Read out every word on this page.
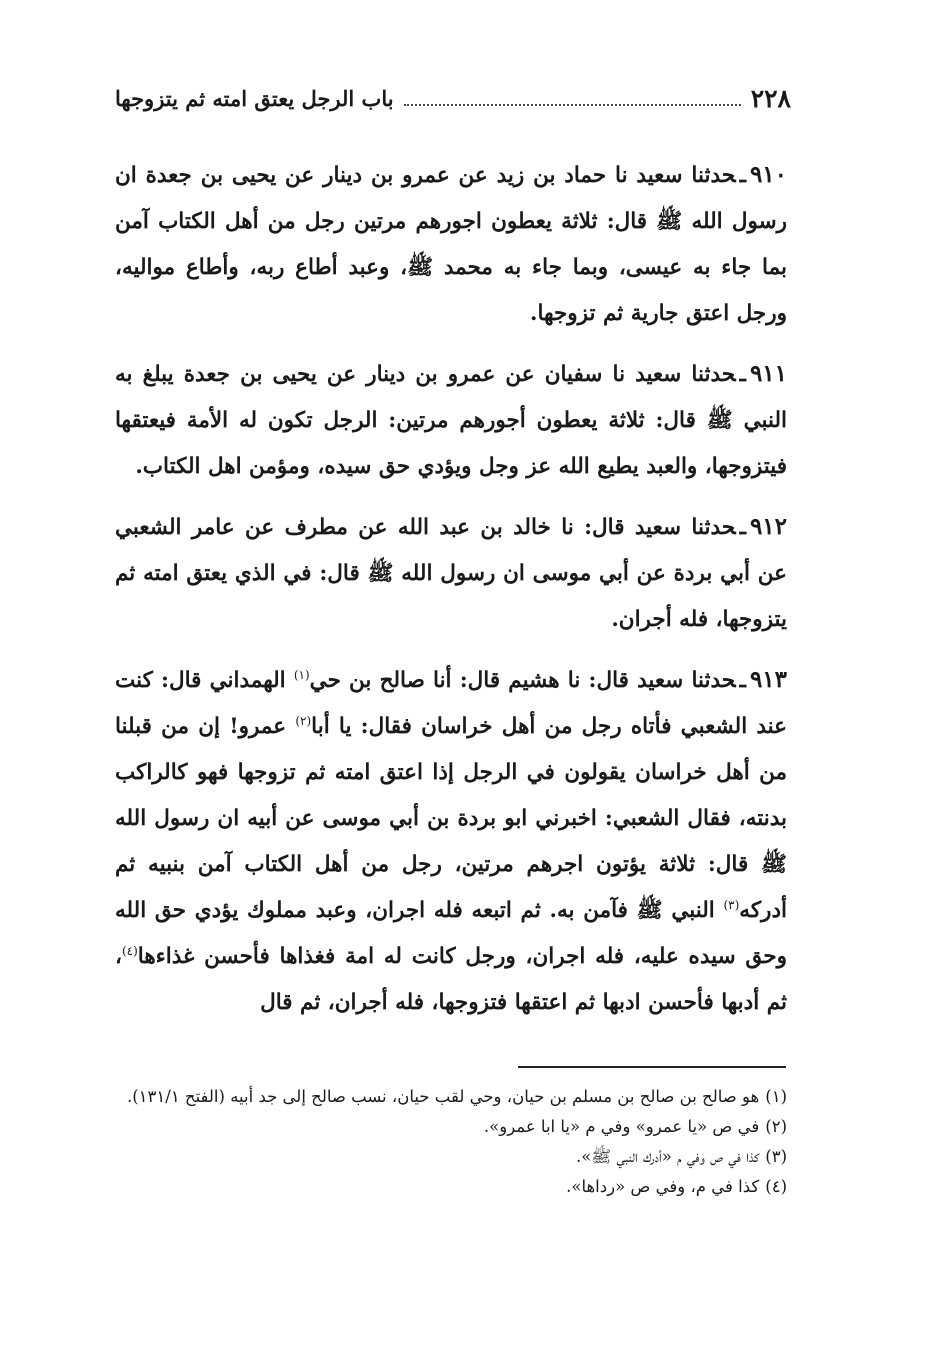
٢٢٨
باب الرجل يعتق امته ثم يتزوجها

٩١٠ـحدثنا سعيد نا حماد بن زيد عن عمرو بن دينار عن يحيى بن جعدة ان رسول الله ﷺ قال: ثلاثة يعطون اجورهم مرتين رجل من أهل الكتاب آمن بما جاء به عيسى، وبما جاء به محمد ﷺ، وعبد أطاع ربه، وأطاع مواليه، ورجل اعتق جارية ثم تزوجها.

٩١١ـحدثنا سعيد نا سفيان عن عمرو بن دينار عن يحيى بن جعدة يبلغ به النبي ﷺ قال: ثلاثة يعطون أجورهم مرتين: الرجل تكون له الأمة فيعتقها فيتزوجها، والعبد يطيع الله عز وجل ويؤدي حق سيده، ومؤمن اهل الكتاب.

٩١٢ـحدثنا سعيد قال: نا خالد بن عبد الله عن مطرف عن عامر الشعبي عن أبي بردة عن أبي موسى ان رسول الله ﷺ قال: في الذي يعتق امته ثم يتزوجها، فله أجران.

٩١٣ـحدثنا سعيد قال: نا هشيم قال: أنا صالح بن حي$^{(١)}$ الهمداني قال: كنت عند الشعبي فأتاه رجل من أهل خراسان فقال: يا أبا$^{(٢)}$ عمرو! إن من قبلنا من أهل خراسان يقولون في الرجل إذا اعتق امته ثم تزوجها فهو كالراكب بدنته، فقال الشعبي: اخبرني ابو بردة بن أبي موسى عن أبيه ان رسول الله ﷺ قال: ثلاثة يؤتون اجرهم مرتين، رجل من أهل الكتاب آمن بنبيه ثم أدركه$^{(٣)}$ النبي ﷺ فآمن به. ثم اتبعه فله اجران، وعبد مملوك يؤدي حق الله وحق سيده عليه، فله اجران، ورجل كانت له امة فغذاها فأحسن غذاءها$^{(٤)}$، ثم أدبها فأحسن ادبها ثم اعتقها فتزوجها، فله أجران، ثم قال

(١)هو صالح بن صالح بن مسلم بن حيان، وحي لقب حيان، نسب صالح إلى جد أبيه (الفتح ١٣١/١).

(٢)في ص «يا عمرو» وفي م «يا ابا عمرو».

(٣)كذا في ص وفي م «أدرك النبي ﷺ».

(٤)كذا في م، وفي ص «رداها».
